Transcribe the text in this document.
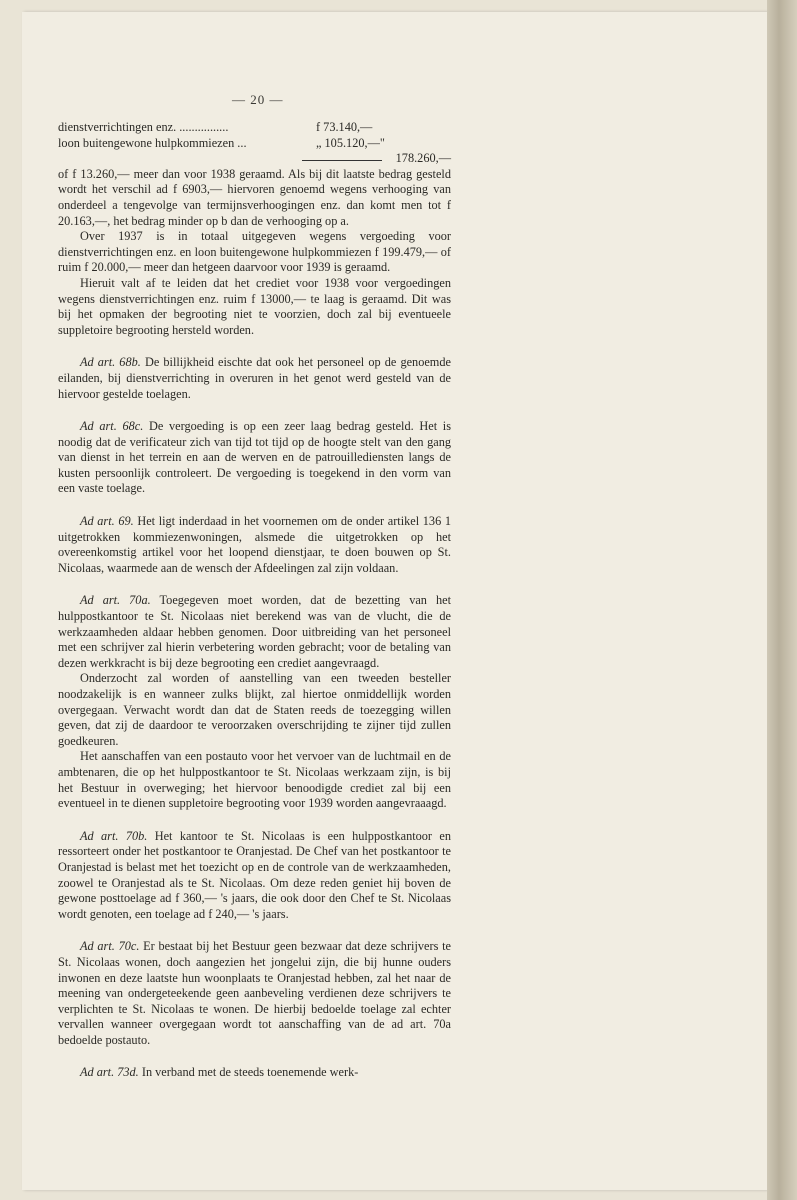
— 20 —
dienstverrichtingen enz. ................	f 73.140,—
loon buitengewone hulpkommiezen ...	„ 105.120,—"
178.260,—

of f 13.260,— meer dan voor 1938 geraamd. Als bij dit laatste bedrag gesteld wordt het verschil ad f 6903,— hiervoren genoemd wegens verhooging van onderdeel a tengevolge van termijnsverhoogingen enz. dan komt men tot f 20.163,—, het bedrag minder op b dan de verhooging op a.

Over 1937 is in totaal uitgegeven wegens vergoeding voor dienstverrichtingen enz. en loon buitengewone hulpkommiezen f 199.479,— of ruim f 20.000,— meer dan hetgeen daarvoor voor 1939 is geraamd.

Hieruit valt af te leiden dat het crediet voor 1938 voor vergoedingen wegens dienstverrichtingen enz. ruim f 13000,— te laag is geraamd. Dit was bij het opmaken der begrooting niet te voorzien, doch zal bij eventueele suppletoire begrooting hersteld worden.

Ad art. 68b. De billijkheid eischte dat ook het personeel op de genoemde eilanden, bij dienstverrichting in overuren in het genot werd gesteld van de hiervoor gestelde toelagen.

Ad art. 68c. De vergoeding is op een zeer laag bedrag gesteld. Het is noodig dat de verificateur zich van tijd tot tijd op de hoogte stelt van den gang van dienst in het terrein en aan de werven en de patrouillediensten langs de kusten persoonlijk controleert. De vergoeding is toegekend in den vorm van een vaste toelage.

Ad art. 69. Het ligt inderdaad in het voornemen om de onder artikel 136 1 uitgetrokken kommiezenwoningen, alsmede die uitgetrokken op het overeenkomstig artikel voor het loopend dienstjaar, te doen bouwen op St. Nicolaas, waarmede aan de wensch der Afdeelingen zal zijn voldaan.

Ad art. 70a. Toegegeven moet worden, dat de bezetting van het hulppostkantoor te St. Nicolaas niet berekend was van de vlucht, die de werkzaamheden aldaar hebben genomen. Door uitbreiding van het personeel met een schrijver zal hierin verbetering worden gebracht; voor de betaling van dezen werkkracht is bij deze begrooting een crediet aangevraagd.

Onderzocht zal worden of aanstelling van een tweeden besteller noodzakelijk is en wanneer zulks blijkt, zal hiertoe onmiddellijk worden overgegaan. Verwacht wordt dan dat de Staten reeds de toezegging willen geven, dat zij de daardoor te veroorzaken overschrijding te zijner tijd zullen goedkeuren.

Het aanschaffen van een postauto voor het vervoer van de luchtmail en de ambtenaren, die op het hulppostkantoor te St. Nicolaas werkzaam zijn, is bij het Bestuur in overweging; het hiervoor benoodigde crediet zal bij een eventueel in te dienen suppletoire begrooting voor 1939 worden aangevraaagd.

Ad art. 70b. Het kantoor te St. Nicolaas is een hulppostkantoor en ressorteert onder het postkantoor te Oranjestad. De Chef van het postkantoor te Oranjestad is belast met het toezicht op en de controle van de werkzaamheden, zoowel te Oranjestad als te St. Nicolaas. Om deze reden geniet hij boven de gewone posttoelage ad f 360,— 's jaars, die ook door den Chef te St. Nicolaas wordt genoten, een toelage ad f 240,— 's jaars.

Ad art. 70c. Er bestaat bij het Bestuur geen bezwaar dat deze schrijvers te St. Nicolaas wonen, doch aangezien het jongelui zijn, die bij hunne ouders inwonen en deze laatste hun woonplaats te Oranjestad hebben, zal het naar de meening van ondergeteekende geen aanbeveling verdienen deze schrijvers te verplichten te St. Nicolaas te wonen. De hierbij bedoelde toelage zal echter vervallen wanneer overgegaan wordt tot aanschaffing van de ad art. 70a bedoelde postauto.

Ad art. 73d. In verband met de steeds toenemende werk-
